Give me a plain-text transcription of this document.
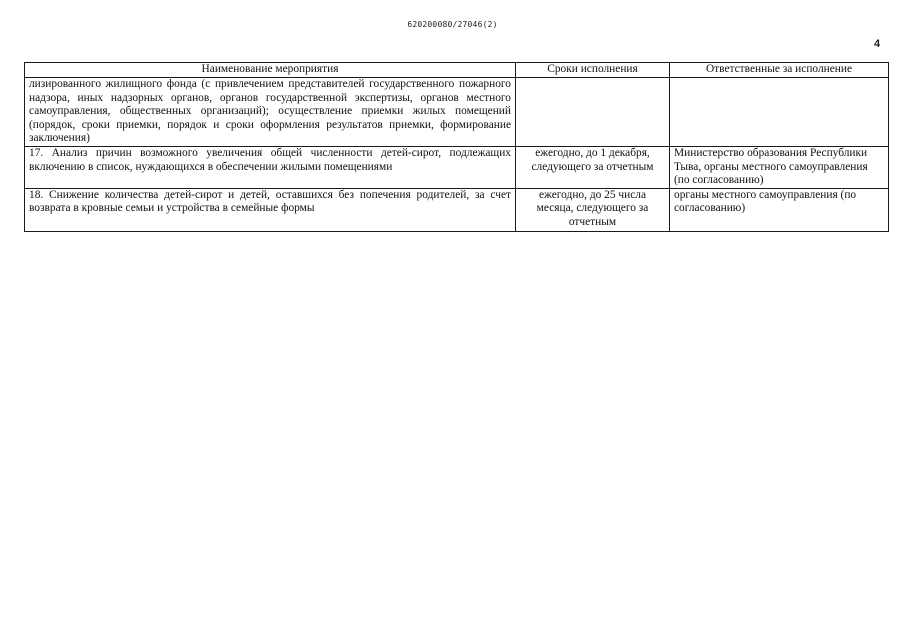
620200080/27046(2)
4
Наименование мероприятия	Сроки исполнения	Ответственные за исполнение
лизированного жилищного фонда (с привлечением представителей государственного пожарного надзора, иных надзорных органов, органов государственной экспертизы, органов местного самоуправления, общественных организаций); осуществление приемки жилых помещений (порядок, сроки приемки, порядок и сроки оформления результатов приемки, формирование заключения)		
17. Анализ причин возможного увеличения общей численности детей-сирот, подлежащих включению в список, нуждающихся в обеспечении жилыми помещениями	ежегодно, до 1 декабря, следующего за отчетным	Министерство образования Республики Тыва, органы местного самоуправления (по согласованию)
18. Снижение количества детей-сирот и детей, оставшихся без попечения родителей, за счет возврата в кровные семьи и устройства в семейные формы	ежегодно, до 25 числа месяца, следующего за отчетным	органы местного самоуправления (по согласованию)
